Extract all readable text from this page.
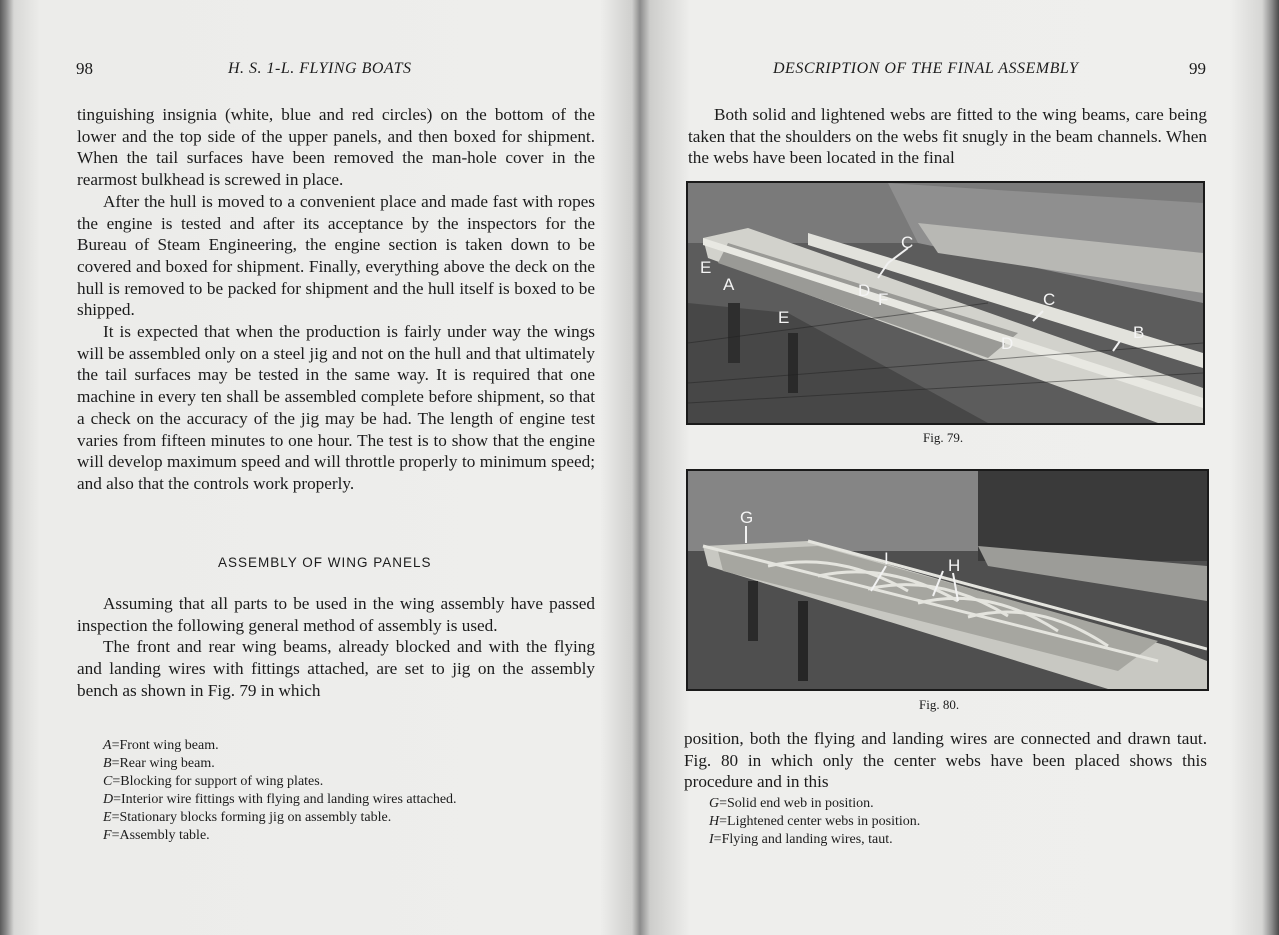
98	H. S. 1-L. FLYING BOATS

tinguishing insignia (white, blue and red circles) on the bottom of the lower and the top side of the upper panels, and then boxed for shipment. When the tail surfaces have been removed the man-hole cover in the rearmost bulkhead is screwed in place.

After the hull is moved to a convenient place and made fast with ropes the engine is tested and after its acceptance by the inspectors for the Bureau of Steam Engineering, the engine section is taken down to be covered and boxed for shipment. Finally, everything above the deck on the hull is removed to be packed for shipment and the hull itself is boxed to be shipped.

It is expected that when the production is fairly under way the wings will be assembled only on a steel jig and not on the hull and that ultimately the tail surfaces may be tested in the same way. It is required that one machine in every ten shall be assembled complete before shipment, so that a check on the accuracy of the jig may be had. The length of engine test varies from fifteen minutes to one hour. The test is to show that the engine will develop maximum speed and will throttle properly to minimum speed; and also that the controls work properly.

ASSEMBLY OF WING PANELS

Assuming that all parts to be used in the wing assembly have passed inspection the following general method of assembly is used.

The front and rear wing beams, already blocked and with the flying and landing wires with fittings attached, are set to jig on the assembly bench as shown in Fig. 79 in which

A=Front wing beam.
B=Rear wing beam.
C=Blocking for support of wing plates.
D=Interior wire fittings with flying and landing wires attached.
E=Stationary blocks forming jig on assembly table.
F=Assembly table.
DESCRIPTION OF THE FINAL ASSEMBLY	99

Both solid and lightened webs are fitted to the wing beams, care being taken that the shoulders on the webs fit snugly in the beam channels. When the webs have been located in the final

C
E
A
E
D F	C
D
B
Fig. 79.
G
I	H
Fig. 80.

position, both the flying and landing wires are connected and drawn taut. Fig. 80 in which only the center webs have been placed shows this procedure and in this

G=Solid end web in position.
H=Lightened center webs in position.
I=Flying and landing wires, taut.
